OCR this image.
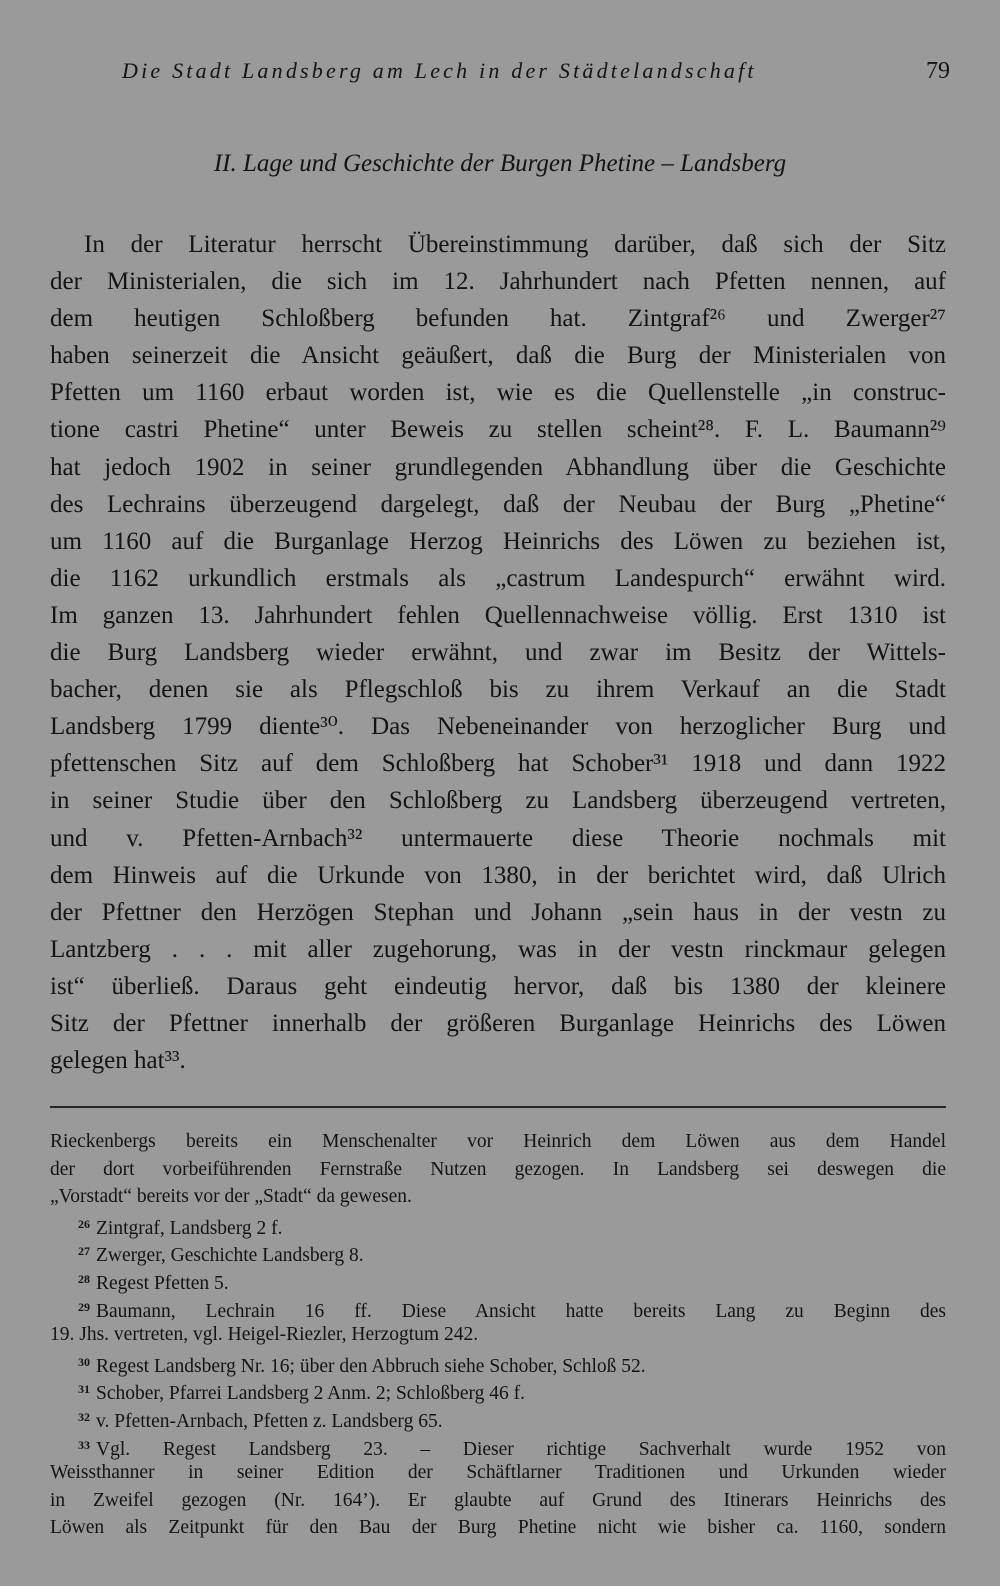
Die Stadt Landsberg am Lech in der Städtelandschaft	79
II. Lage und Geschichte der Burgen Phetine – Landsberg
In der Literatur herrscht Übereinstimmung darüber, daß sich der Sitz
der Ministerialen, die sich im 12. Jahrhundert nach Pfetten nennen, auf
dem heutigen Schloßberg befunden hat. Zintgraf²⁶ und Zwerger²⁷
haben seinerzeit die Ansicht geäußert, daß die Burg der Ministerialen von
Pfetten um 1160 erbaut worden ist, wie es die Quellenstelle „in construc-
tione castri Phetine“ unter Beweis zu stellen scheint²⁸. F. L. Baumann²⁹
hat jedoch 1902 in seiner grundlegenden Abhandlung über die Geschichte
des Lechrains überzeugend dargelegt, daß der Neubau der Burg „Phetine“
um 1160 auf die Burganlage Herzog Heinrichs des Löwen zu beziehen ist,
die 1162 urkundlich erstmals als „castrum Landespurch“ erwähnt wird.
Im ganzen 13. Jahrhundert fehlen Quellennachweise völlig. Erst 1310 ist
die Burg Landsberg wieder erwähnt, und zwar im Besitz der Wittels-
bacher, denen sie als Pflegschloß bis zu ihrem Verkauf an die Stadt
Landsberg 1799 diente³⁰. Das Nebeneinander von herzoglicher Burg und
pfettenschen Sitz auf dem Schloßberg hat Schober³¹ 1918 und dann 1922
in seiner Studie über den Schloßberg zu Landsberg überzeugend vertreten,
und v. Pfetten-Arnbach³² untermauerte diese Theorie nochmals mit
dem Hinweis auf die Urkunde von 1380, in der berichtet wird, daß Ulrich
der Pfettner den Herzögen Stephan und Johann „sein haus in der vestn zu
Lantzberg . . . mit aller zugehorung, was in der vestn rinckmaur gelegen
ist“ überließ. Daraus geht eindeutig hervor, daß bis 1380 der kleinere
Sitz der Pfettner innerhalb der größeren Burganlage Heinrichs des Löwen
gelegen hat³³.
Rieckenbergs bereits ein Menschenalter vor Heinrich dem Löwen aus dem Handel
der dort vorbeiführenden Fernstraße Nutzen gezogen. In Landsberg sei deswegen die
„Vorstadt“ bereits vor der „Stadt“ da gewesen.
$^{26}$ Zintgraf, Landsberg 2 f.
$^{27}$ Zwerger, Geschichte Landsberg 8.
$^{28}$ Regest Pfetten 5.
$^{29}$ Baumann, Lechrain 16 ff. Diese Ansicht hatte bereits Lang zu Beginn des
19. Jhs. vertreten, vgl. Heigel-Riezler, Herzogtum 242.
$^{30}$ Regest Landsberg Nr. 16; über den Abbruch siehe Schober, Schloß 52.
$^{31}$ Schober, Pfarrei Landsberg 2 Anm. 2; Schloßberg 46 f.
$^{32}$ v. Pfetten-Arnbach, Pfetten z. Landsberg 65.
$^{33}$ Vgl. Regest Landsberg 23. – Dieser richtige Sachverhalt wurde 1952 von
Weissthanner in seiner Edition der Schäftlarner Traditionen und Urkunden wieder
in Zweifel gezogen (Nr. 164’). Er glaubte auf Grund des Itinerars Heinrichs des
Löwen als Zeitpunkt für den Bau der Burg Phetine nicht wie bisher ca. 1160, sondern
